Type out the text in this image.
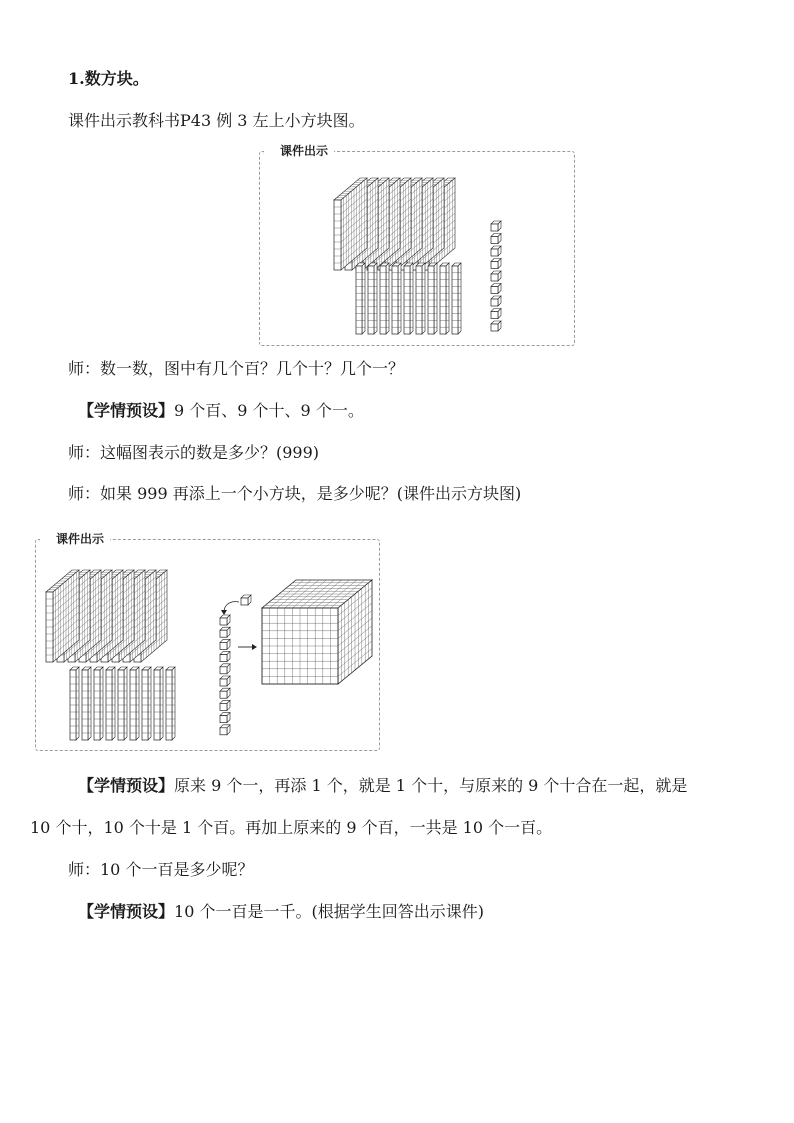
1.数方块。
课件出示教科书P43 例 3 左上小方块图。
课件出示
师：数一数，图中有几个百？几个十？几个一？
【学情预设】9 个百、9 个十、9 个一。
师：这幅图表示的数是多少？(999)
师：如果 999 再添上一个小方块，是多少呢？(课件出示方块图)
课件出示
【学情预设】原来 9 个一，再添 1 个，就是 1 个十，与原来的 9 个十合在一起，就是
10 个十，10 个十是 1 个百。再加上原来的 9 个百，一共是 10 个一百。
师：10 个一百是多少呢？
【学情预设】10 个一百是一千。(根据学生回答出示课件)
